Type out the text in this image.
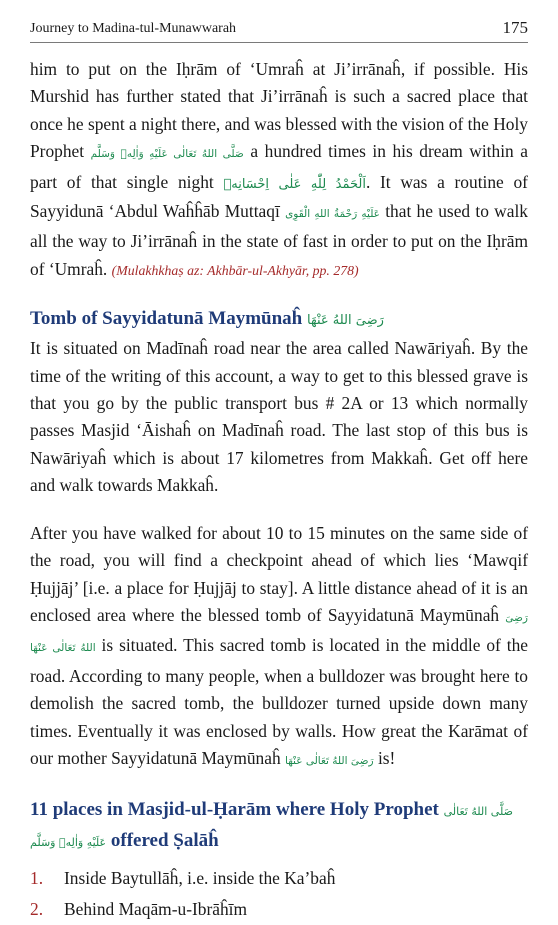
Journey to Madina-tul-Munawwarah	175

him to put on the Iḥrām of ‘Umraĥ at Ji’irrānaĥ, if possible. His Murshid has further stated that Ji’irrānaĥ is such a sacred place that once he spent a night there, and was blessed with the vision of the Holy Prophet صَلَّى اللهُ تَعَالٰى عَلَيْهِ وَاٰلِهٖ وَسَلَّم a hundred times in his dream within a part of that single night اَلْحَمْدُ لِلّٰهِ عَلٰى اِحْسَانِهٖ. It was a routine of Sayyidunā ‘Abdul Waĥĥāb Muttaqī عَلَيْهِ رَحْمَةُ اللهِ الْقَوِى that he used to walk all the way to Ji’irrānaĥ in the state of fast in order to put on the Iḥrām of ‘Umraĥ. (Mulakhkhaṣ az: Akhbār-ul-Akhyār, pp. 278)

Tomb of Sayyidatunā Maymūnaĥ رَضِىَ اللهُ عَنْهَا

It is situated on Madīnaĥ road near the area called Nawāriyaĥ. By the time of the writing of this account, a way to get to this blessed grave is that you go by the public transport bus # 2A or 13 which normally passes Masjid ‘Āishaĥ on Madīnaĥ road. The last stop of this bus is Nawāriyaĥ which is about 17 kilometres from Makkaĥ. Get off here and walk towards Makkaĥ.

After you have walked for about 10 to 15 minutes on the same side of the road, you will find a checkpoint ahead of which lies ‘Mawqif Ḥujjāj’ [i.e. a place for Ḥujjāj to stay]. A little distance ahead of it is an enclosed area where the blessed tomb of Sayyidatunā Maymūnaĥ رَضِىَ اللهُ تَعَالٰى عَنْهَا is situated. This sacred tomb is located in the middle of the road. According to many people, when a bulldozer was brought here to demolish the sacred tomb, the bulldozer turned upside down many times. Eventually it was enclosed by walls. How great the Karāmat of our mother Sayyidatunā Maymūnaĥ رَضِىَ اللهُ تَعَالٰى عَنْهَا is!

11 places in Masjid-ul-Ḥarām where Holy Prophet صَلَّى اللهُ تَعَالٰى عَلَيْهِ وَاٰلِهٖ وَسَلَّم offered Ṣalāĥ
1.	Inside Baytullāĥ, i.e. inside the Ka’baĥ
2.	Behind Maqām-u-Ibrāĥīm
